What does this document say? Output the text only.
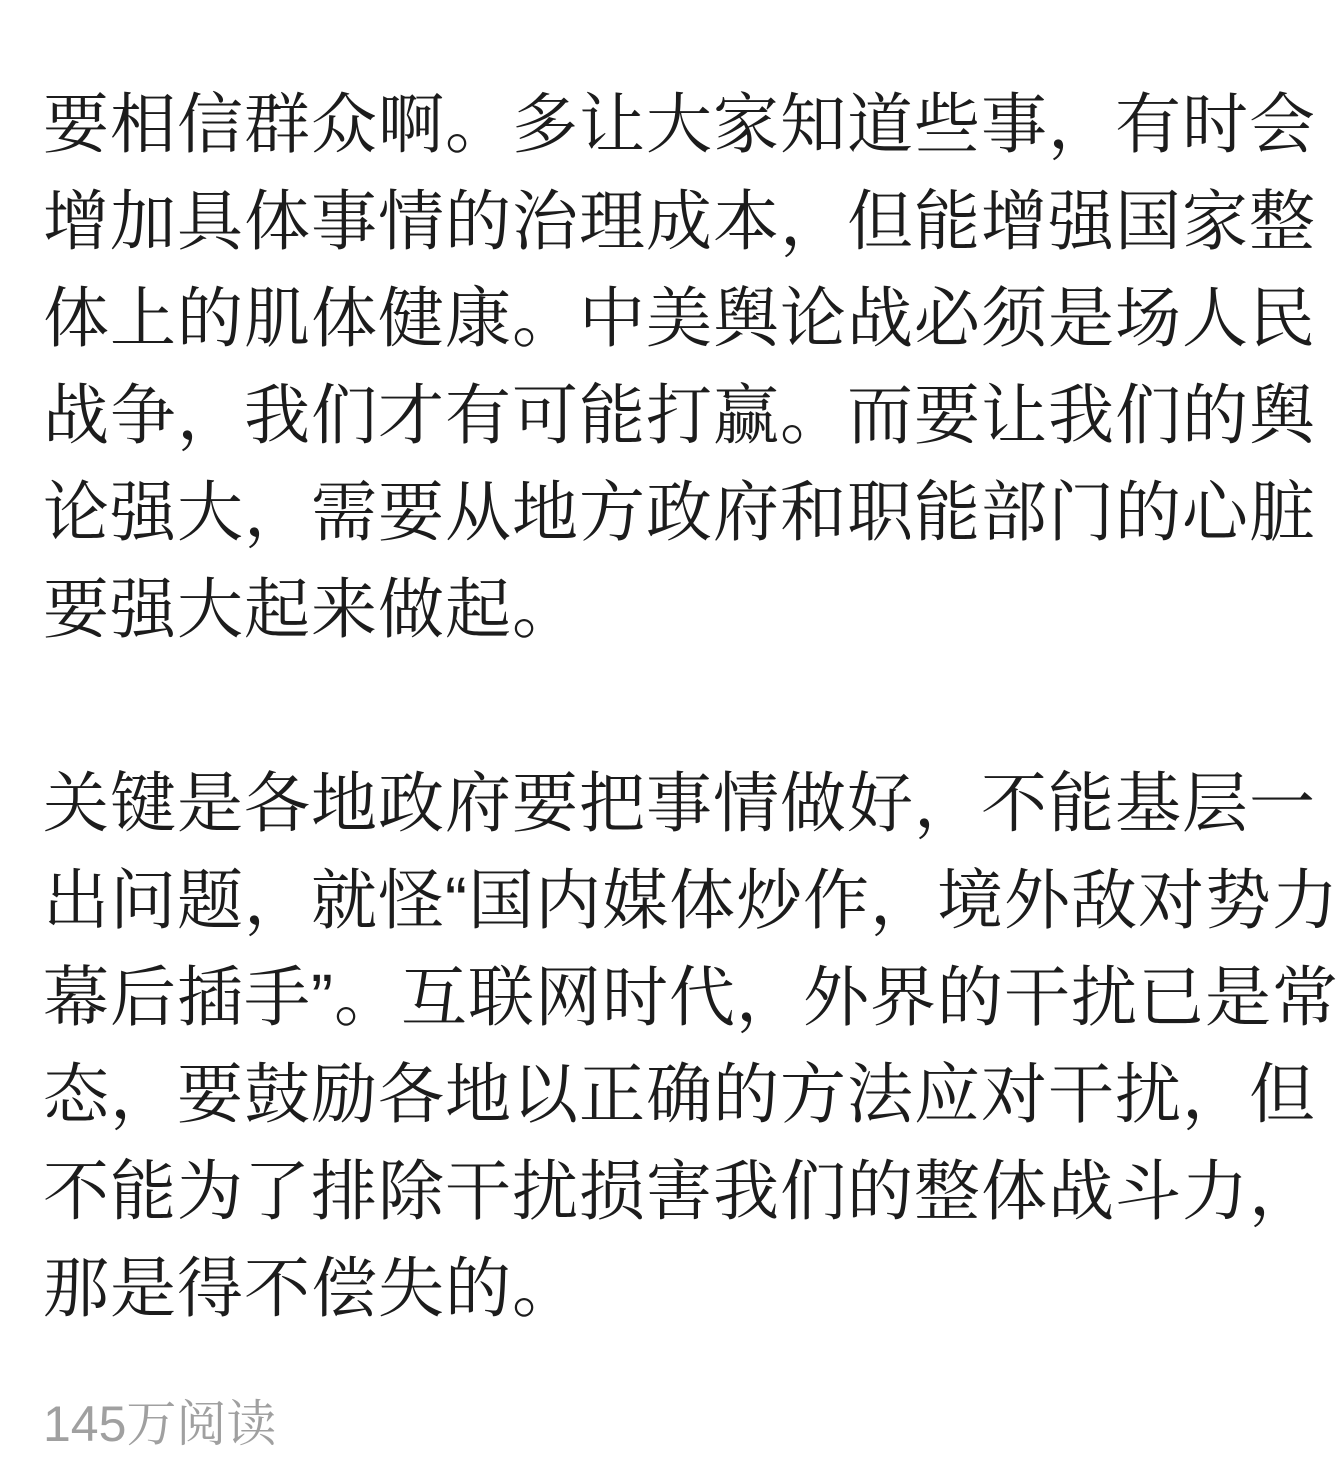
要相信群众啊。多让大家知道些事，有时会
增加具体事情的治理成本，但能增强国家整
体上的肌体健康。中美舆论战必须是场人民
战争，我们才有可能打赢。而要让我们的舆
论强大，需要从地方政府和职能部门的心脏
要强大起来做起。
关键是各地政府要把事情做好，不能基层一
出问题，就怪“国内媒体炒作，境外敌对势力
幕后插手”。互联网时代，外界的干扰已是常
态，要鼓励各地以正确的方法应对干扰，但
不能为了排除干扰损害我们的整体战斗力，
那是得不偿失的。
145万阅读
